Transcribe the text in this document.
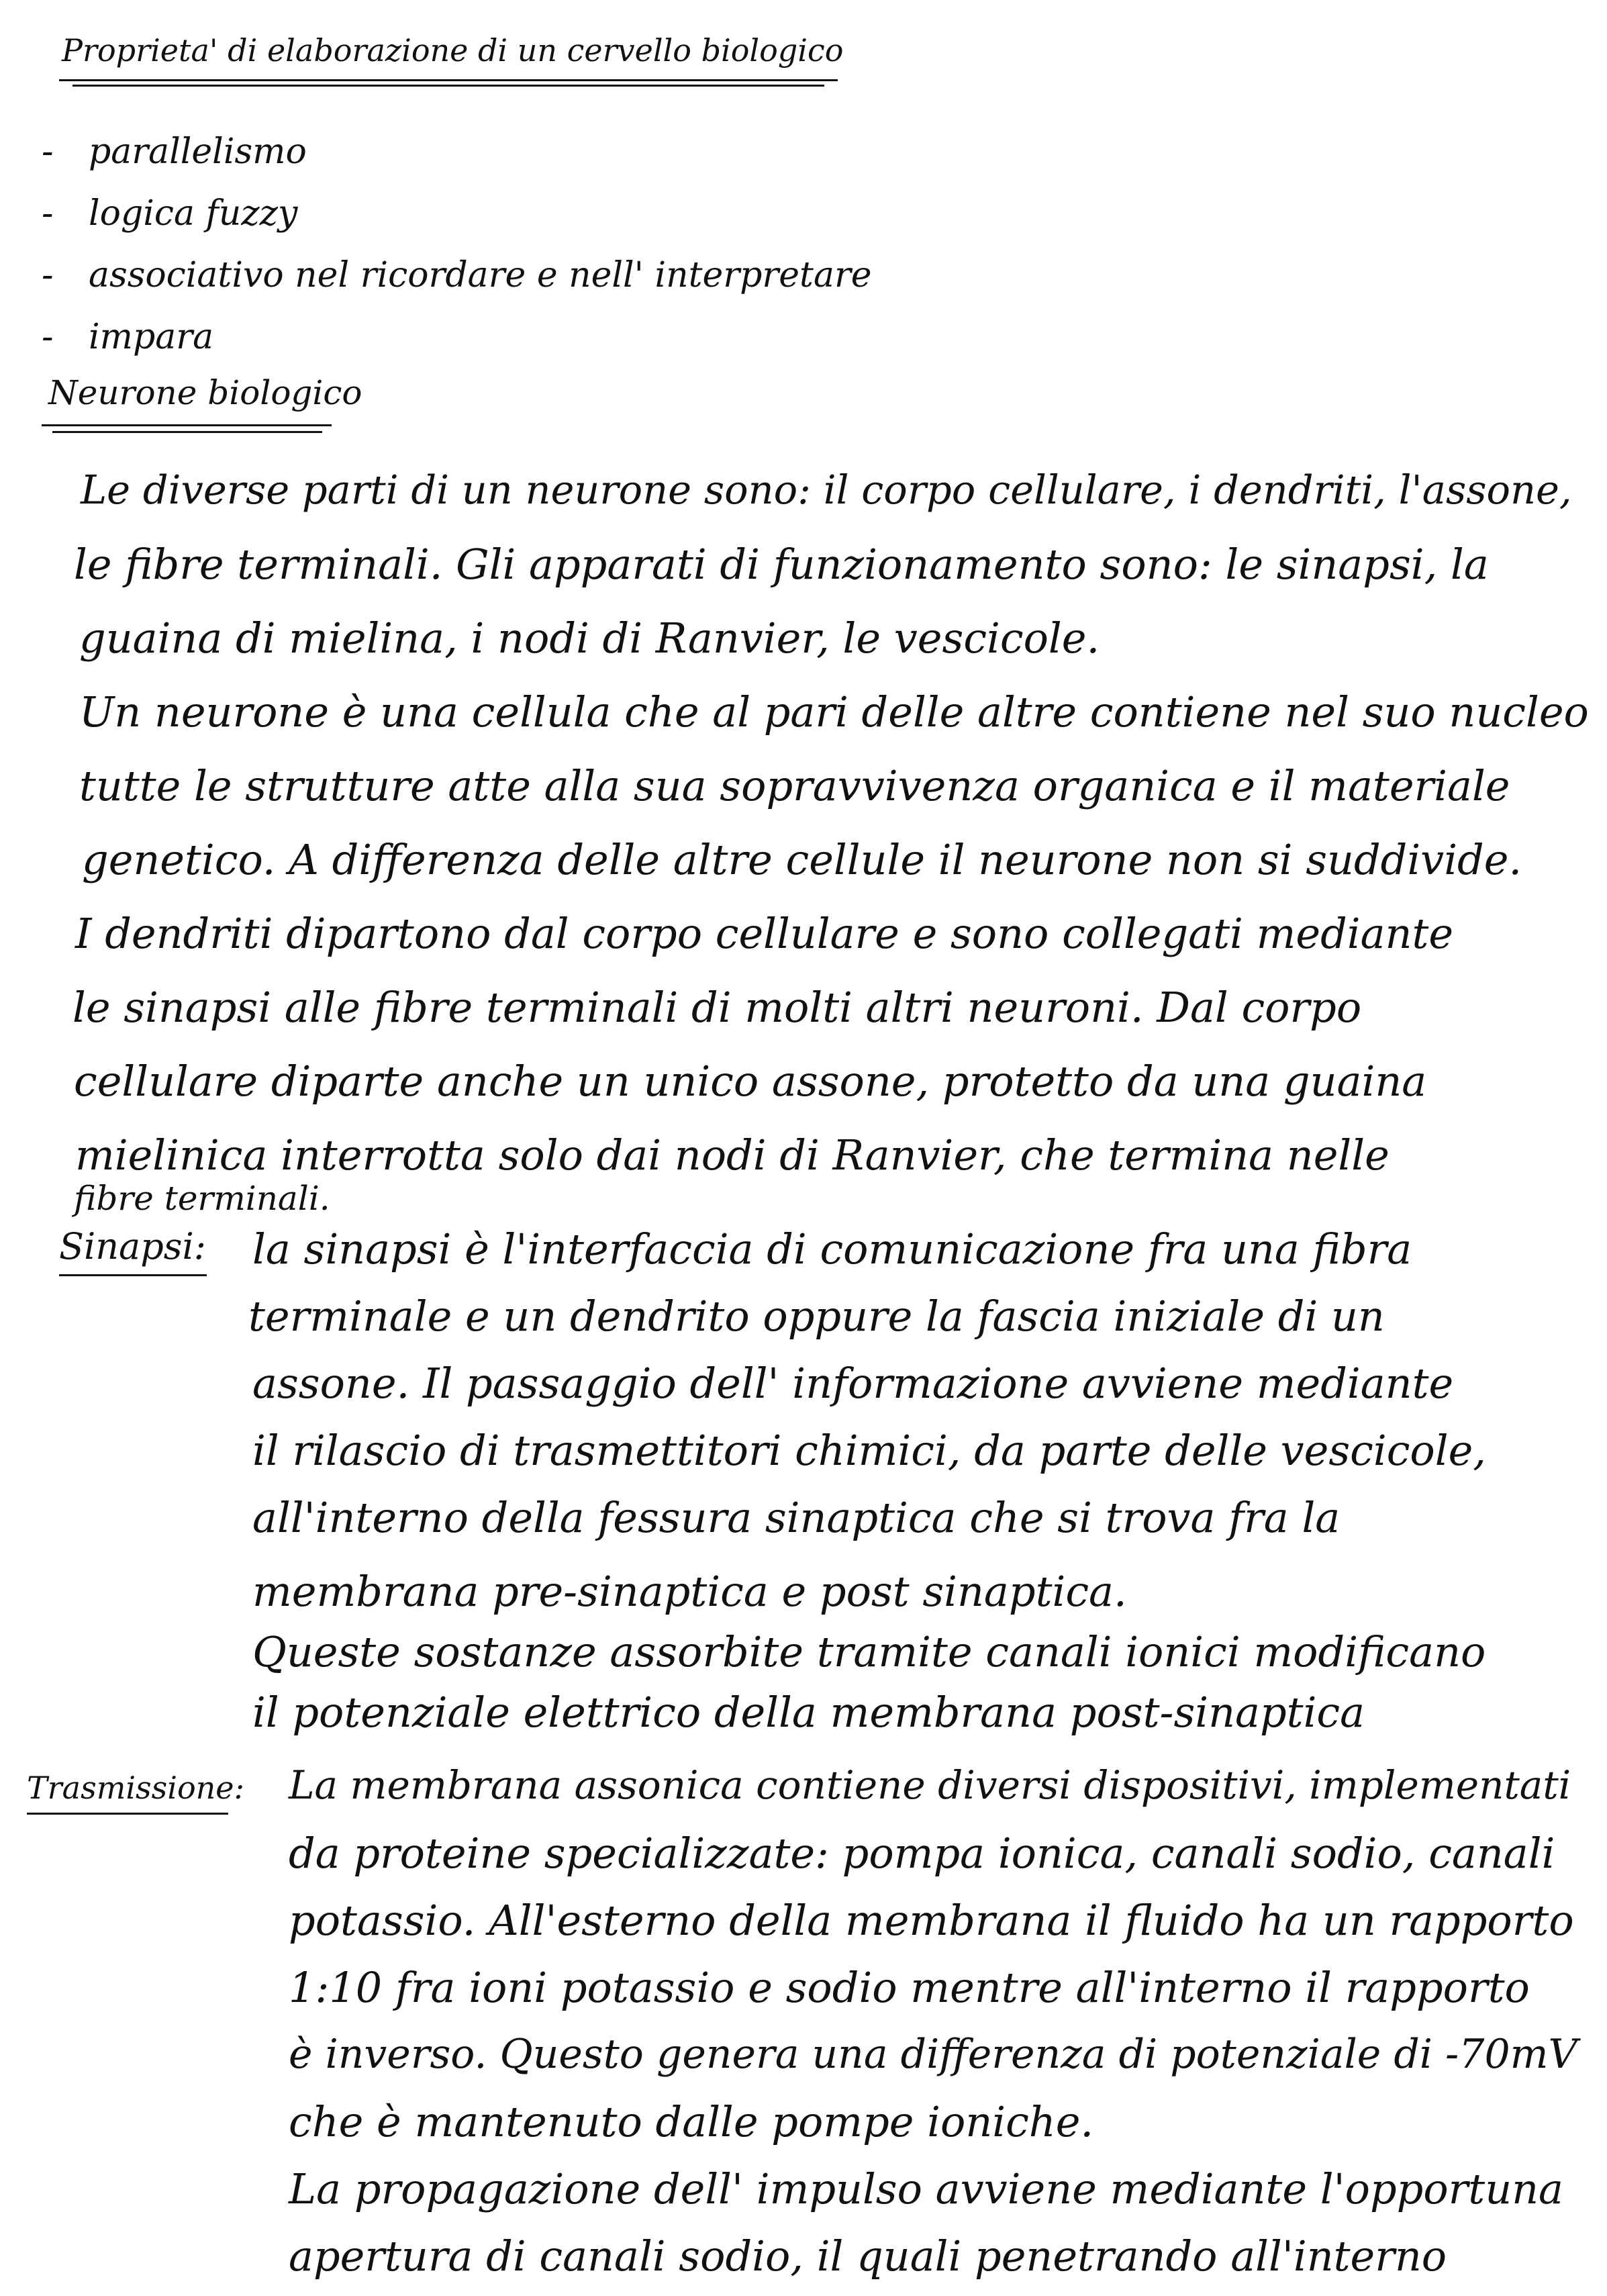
Proprieta' di elaborazione di un cervello biologico
- parallelismo
- logica fuzzy
- associativo nel ricordare e nell' interpretare
- impara
Neurone biologico
Le diverse parti di un neurone sono: il corpo cellulare, i dendriti, l'assone,
le fibre terminali. Gli apparati di funzionamento sono: le sinapsi, la
guaina di mielina, i nodi di Ranvier, le vescicole.
Un neurone è una cellula che al pari delle altre contiene nel suo nucleo
tutte le strutture atte alla sua sopravvivenza organica e il materiale
genetico. A differenza delle altre cellule il neurone non si suddivide.
I dendriti dipartono dal corpo cellulare e sono collegati mediante
le sinapsi alle fibre terminali di molti altri neuroni. Dal corpo
cellulare diparte anche un unico assone, protetto da una guaina
mielinica interrotta solo dai nodi di Ranvier, che termina nelle
fibre terminali.
Sinapsi: la sinapsi è l'interfaccia di comunicazione fra una fibra
terminale e un dendrito oppure la fascia iniziale di un
assone. Il passaggio dell' informazione avviene mediante
il rilascio di trasmettitori chimici, da parte delle vescicole,
all'interno della fessura sinaptica che si trova fra la
membrana pre-sinaptica e post sinaptica.
Queste sostanze assorbite tramite canali ionici modificano
il potenziale elettrico della membrana post-sinaptica
Trasmissione: La membrana assonica contiene diversi dispositivi, implementati
da proteine specializzate: pompa ionica, canali sodio, canali
potassio. All'esterno della membrana il fluido ha un rapporto
1:10 fra ioni potassio e sodio mentre all'interno il rapporto
è inverso. Questo genera una differenza di potenziale di -70mV
che è mantenuto dalle pompe ioniche.
La propagazione dell' impulso avviene mediante l'opportuna
apertura di canali sodio, il quali penetrando all'interno
